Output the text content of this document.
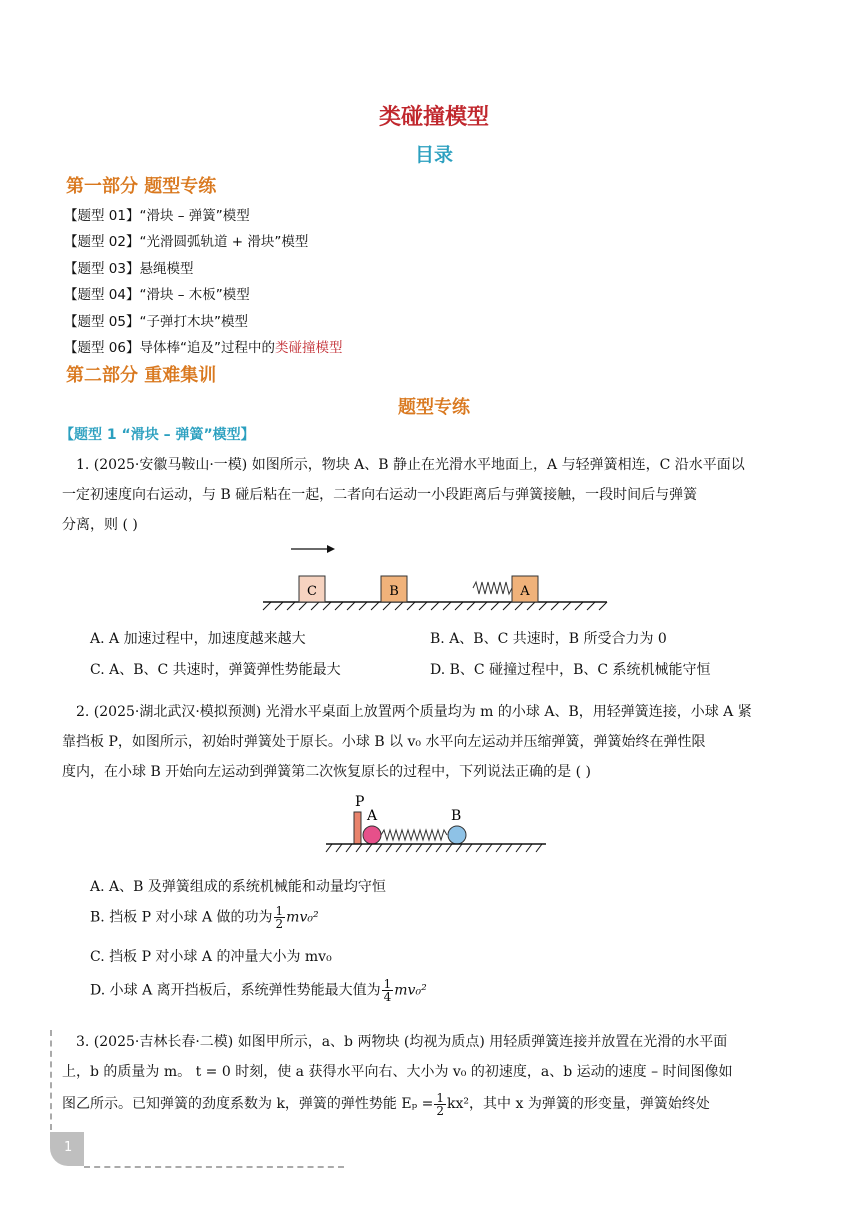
类碰撞模型
目录
第一部分 题型专练
【题型 01】“滑块 – 弹簧”模型
【题型 02】“光滑圆弧轨道 + 滑块”模型
【题型 03】悬绳模型
【题型 04】“滑块 – 木板”模型
【题型 05】“子弹打木块”模型
【题型 06】导体棒“追及”过程中的类碰撞模型
第二部分 重难集训
题型专练
【题型 1 “滑块 – 弹簧”模型】
1. (2025·安徽马鞍山·一模) 如图所示，物块 A、B 静止在光滑水平地面上，A 与轻弹簧相连，C 沿水平面以
一定初速度向右运动，与 B 碰后粘在一起，二者向右运动一小段距离后与弹簧接触，一段时间后与弹簧
分离，则 ( )
C	B	A
A. A 加速过程中，加速度越来越大	B. A、B、C 共速时，B 所受合力为 0
C. A、B、C 共速时，弹簧弹性势能最大	D. B、C 碰撞过程中，B、C 系统机械能守恒
2. (2025·湖北武汉·模拟预测) 光滑水平桌面上放置两个质量均为 m 的小球 A、B，用轻弹簧连接，小球 A 紧
靠挡板 P，如图所示，初始时弹簧处于原长。小球 B 以 v₀ 水平向左运动并压缩弹簧，弹簧始终在弹性限
度内，在小球 B 开始向左运动到弹簧第二次恢复原长的过程中，下列说法正确的是 ( )
P
A	B
A. A、B 及弹簧组成的系统机械能和动量均守恒
B. 挡板 P 对小球 A 做的功为 $\frac{1}{2} mv_0^2$
C. 挡板 P 对小球 A 的冲量大小为 mv₀
D. 小球 A 离开挡板后，系统弹性势能最大值为 $\frac{1}{4} mv_0^2$
3. (2025·吉林长春·二模) 如图甲所示，a、b 两物块 (均视为质点) 用轻质弹簧连接并放置在光滑的水平面
上，b 的质量为 m。 t = 0 时刻，使 a 获得水平向右、大小为 v₀ 的初速度，a、b 运动的速度 – 时间图像如
图乙所示。已知弹簧的劲度系数为 k，弹簧的弹性势能 $E_p = \frac{1}{2} kx^2$，其中 x 为弹簧的形变量，弹簧始终处
1
